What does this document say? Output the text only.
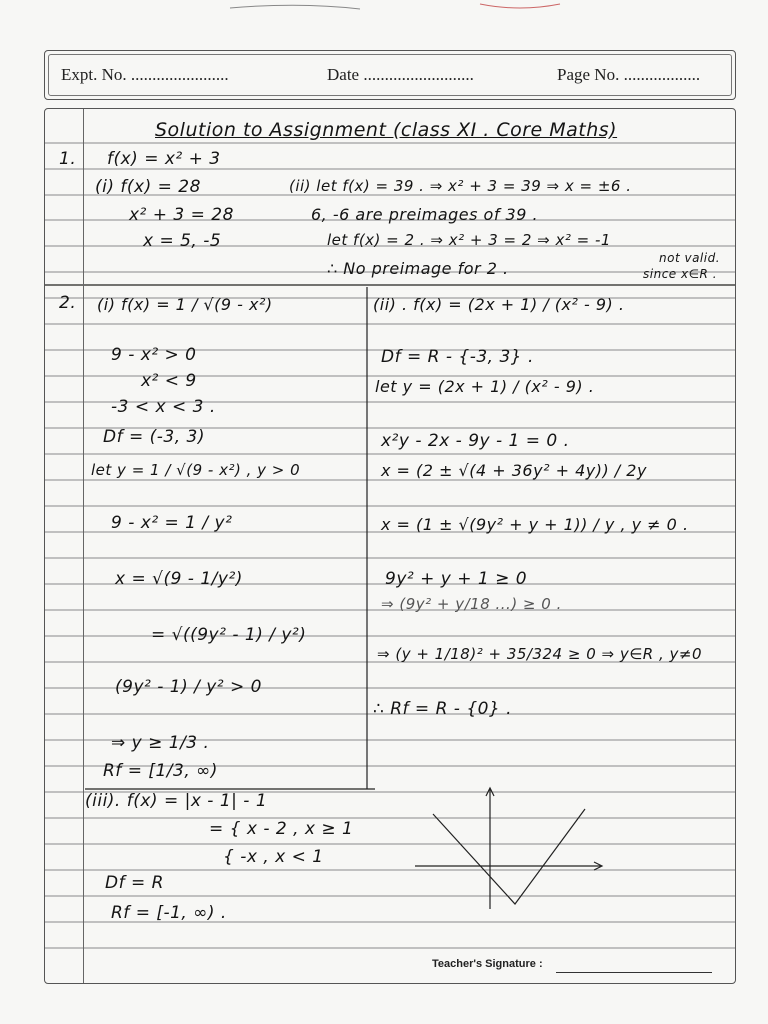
Expt. No. .......................	Date ..........................	Page No. ..................
Solution to Assignment (class XI . Core Maths)
1. f(x) = x² + 3
(i) f(x) = 28
x² + 3 = 28
x = 5, -5
(ii) let f(x) = 39 . ⇒ x² + 3 = 39 ⇒ x = ±6 .
6, -6 are preimages of 39 .
let f(x) = 2 . ⇒ x² + 3 = 2 ⇒ x² = -1
∴ No preimage for 2 .
not valid.
since x∈R .
2. (i) f(x) = 1 / √(9 - x²)
9 - x² > 0
x² < 9
-3 < x < 3 .
Df = (-3, 3)
let y = 1 / √(9 - x²) , y > 0
9 - x² = 1 / y²
x = √(9 - 1/y²)
= √((9y² - 1) / y²)
(9y² - 1) / y² > 0
⇒ y ≥ 1/3 .
Rf = [1/3, ∞)
(ii) . f(x) = (2x + 1) / (x² - 9) .
Df = R - {-3, 3} .
let y = (2x + 1) / (x² - 9) .
x²y - 2x - 9y - 1 = 0 .
x = (2 ± √(4 + 36y² + 4y)) / 2y
x = (1 ± √(9y² + y + 1)) / y , y ≠ 0 .
9y² + y + 1 ≥ 0
⇒ (9y² + y/18 ...) ≥ 0 .
⇒ (y + 1/18)² + 35/324 ≥ 0 ⇒ y∈R , y≠0
∴ Rf = R - {0} .
(iii). f(x) = |x - 1| - 1
= { x - 2 , x ≥ 1
{ -x , x < 1
Df = R
Rf = [-1, ∞) .
Teacher's Signature :
